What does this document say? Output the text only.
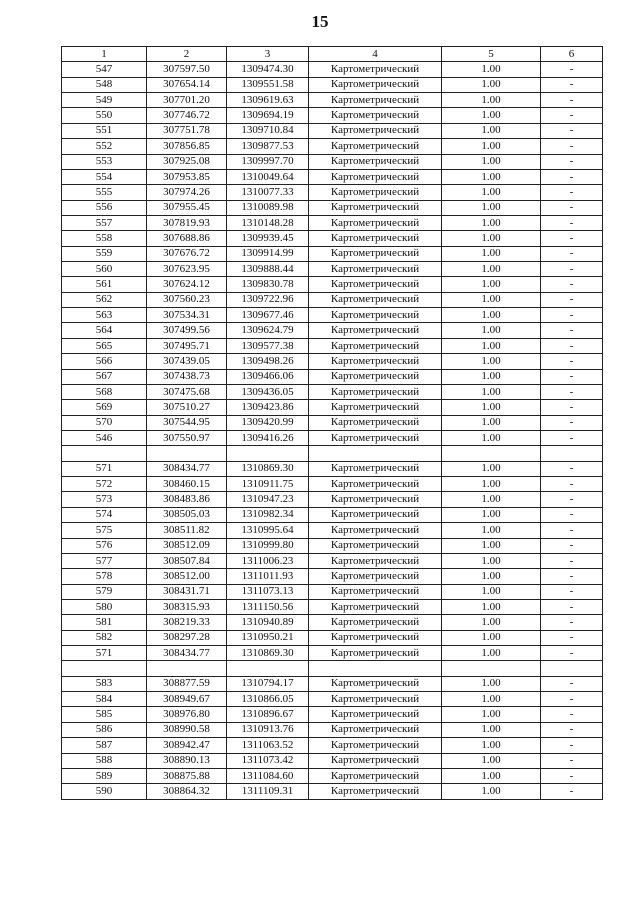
15
1	2	3	4	5	6
547	307597.50	1309474.30	Картометрический	1.00	-
548	307654.14	1309551.58	Картометрический	1.00	-
549	307701.20	1309619.63	Картометрический	1.00	-
550	307746.72	1309694.19	Картометрический	1.00	-
551	307751.78	1309710.84	Картометрический	1.00	-
552	307856.85	1309877.53	Картометрический	1.00	-
553	307925.08	1309997.70	Картометрический	1.00	-
554	307953.85	1310049.64	Картометрический	1.00	-
555	307974.26	1310077.33	Картометрический	1.00	-
556	307955.45	1310089.98	Картометрический	1.00	-
557	307819.93	1310148.28	Картометрический	1.00	-
558	307688.86	1309939.45	Картометрический	1.00	-
559	307676.72	1309914.99	Картометрический	1.00	-
560	307623.95	1309888.44	Картометрический	1.00	-
561	307624.12	1309830.78	Картометрический	1.00	-
562	307560.23	1309722.96	Картометрический	1.00	-
563	307534.31	1309677.46	Картометрический	1.00	-
564	307499.56	1309624.79	Картометрический	1.00	-
565	307495.71	1309577.38	Картометрический	1.00	-
566	307439.05	1309498.26	Картометрический	1.00	-
567	307438.73	1309466.06	Картометрический	1.00	-
568	307475.68	1309436.05	Картометрический	1.00	-
569	307510.27	1309423.86	Картометрический	1.00	-
570	307544.95	1309420.99	Картометрический	1.00	-
546	307550.97	1309416.26	Картометрический	1.00	-

571	308434.77	1310869.30	Картометрический	1.00	-
572	308460.15	1310911.75	Картометрический	1.00	-
573	308483.86	1310947.23	Картометрический	1.00	-
574	308505.03	1310982.34	Картометрический	1.00	-
575	308511.82	1310995.64	Картометрический	1.00	-
576	308512.09	1310999.80	Картометрический	1.00	-
577	308507.84	1311006.23	Картометрический	1.00	-
578	308512.00	1311011.93	Картометрический	1.00	-
579	308431.71	1311073.13	Картометрический	1.00	-
580	308315.93	1311150.56	Картометрический	1.00	-
581	308219.33	1310940.89	Картометрический	1.00	-
582	308297.28	1310950.21	Картометрический	1.00	-
571	308434.77	1310869.30	Картометрический	1.00	-

583	308877.59	1310794.17	Картометрический	1.00	-
584	308949.67	1310866.05	Картометрический	1.00	-
585	308976.80	1310896.67	Картометрический	1.00	-
586	308990.58	1310913.76	Картометрический	1.00	-
587	308942.47	1311063.52	Картометрический	1.00	-
588	308890.13	1311073.42	Картометрический	1.00	-
589	308875.88	1311084.60	Картометрический	1.00	-
590	308864.32	1311109.31	Картометрический	1.00	-
